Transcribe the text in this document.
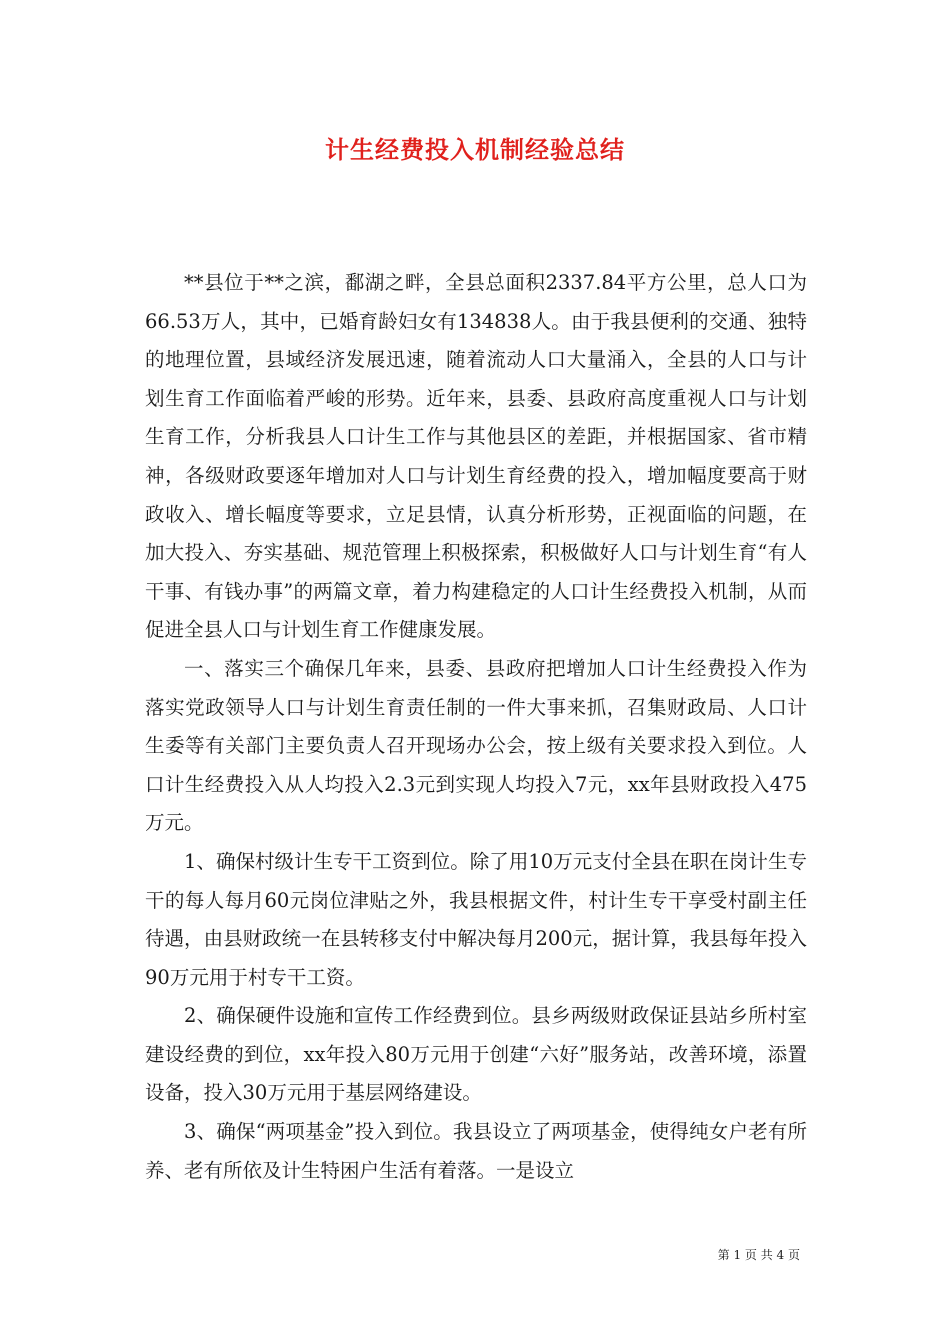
计生经费投入机制经验总结

**县位于**之滨，鄱湖之畔，全县总面积2337.84平方公里，总人口为66.53万人，其中，已婚育龄妇女有134838人。由于我县便利的交通、独特的地理位置，县域经济发展迅速，随着流动人口大量涌入，全县的人口与计划生育工作面临着严峻的形势。近年来，县委、县政府高度重视人口与计划生育工作，分析我县人口计生工作与其他县区的差距，并根据国家、省市精神，各级财政要逐年增加对人口与计划生育经费的投入，增加幅度要高于财政收入、增长幅度等要求，立足县情，认真分析形势，正视面临的问题，在加大投入、夯实基础、规范管理上积极探索，积极做好人口与计划生育“有人干事、有钱办事”的两篇文章，着力构建稳定的人口计生经费投入机制，从而促进全县人口与计划生育工作健康发展。

一、落实三个确保几年来，县委、县政府把增加人口计生经费投入作为落实党政领导人口与计划生育责任制的一件大事来抓，召集财政局、人口计生委等有关部门主要负责人召开现场办公会，按上级有关要求投入到位。人口计生经费投入从人均投入2.3元到实现人均投入7元，xx年县财政投入475万元。

1、确保村级计生专干工资到位。除了用10万元支付全县在职在岗计生专干的每人每月60元岗位津贴之外，我县根据文件，村计生专干享受村副主任待遇，由县财政统一在县转移支付中解决每月200元，据计算，我县每年投入90万元用于村专干工资。

2、确保硬件设施和宣传工作经费到位。县乡两级财政保证县站乡所村室建设经费的到位，xx年投入80万元用于创建“六好”服务站，改善环境，添置设备，投入30万元用于基层网络建设。

3、确保“两项基金”投入到位。我县设立了两项基金，使得纯女户老有所养、老有所依及计生特困户生活有着落。一是设立

第 1 页 共 4 页
